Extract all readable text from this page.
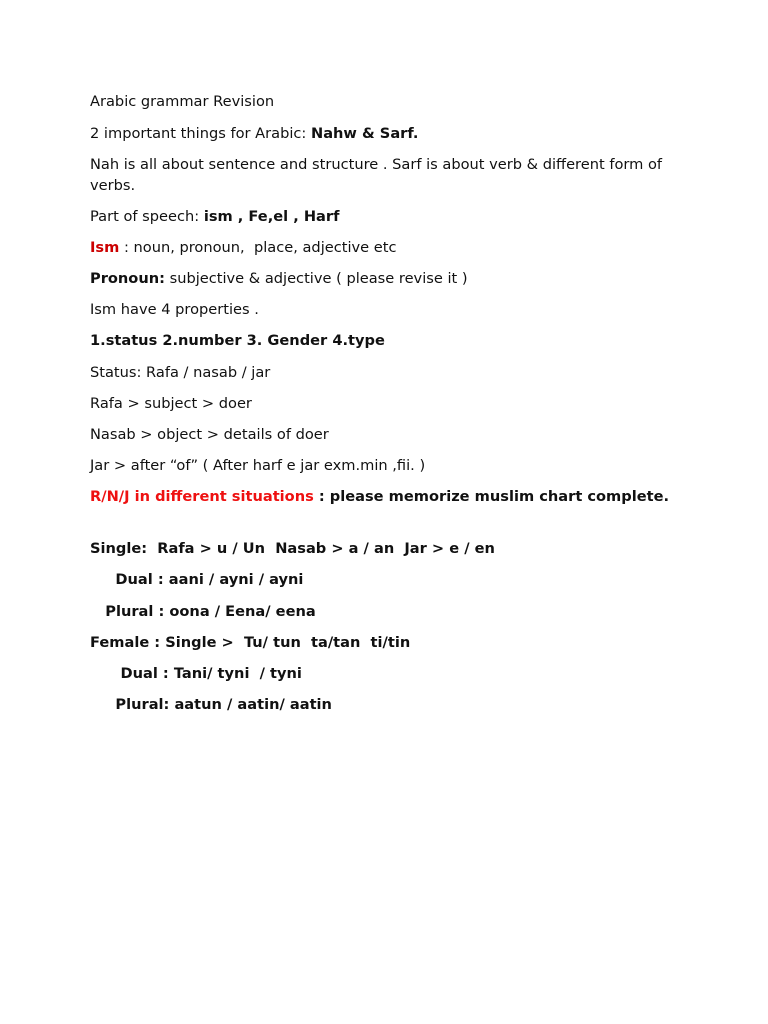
Arabic grammar Revision
2 important things for Arabic: Nahw & Sarf.
Nah is all about sentence and structure . Sarf is about verb & different form of verbs.
Part of speech: ism , Fe,el , Harf
Ism : noun, pronoun,  place, adjective etc
Pronoun: subjective & adjective ( please revise it )
Ism have 4 properties .
1.status 2.number 3. Gender 4.type
Status: Rafa / nasab / jar
Rafa > subject > doer
Nasab > object > details of doer
Jar > after “of” ( After harf e jar exm.min ,fii. )
R/N/J in different situations : please memorize muslim chart complete.
Single:  Rafa > u / Un  Nasab > a / an  Jar > e / en
Dual : aani / ayni / ayni
Plural : oona / Eena/ eena
Female : Single >  Tu/ tun  ta/tan  ti/tin
Dual : Tani/ tyni  / tyni
Plural: aatun / aatin/ aatin
